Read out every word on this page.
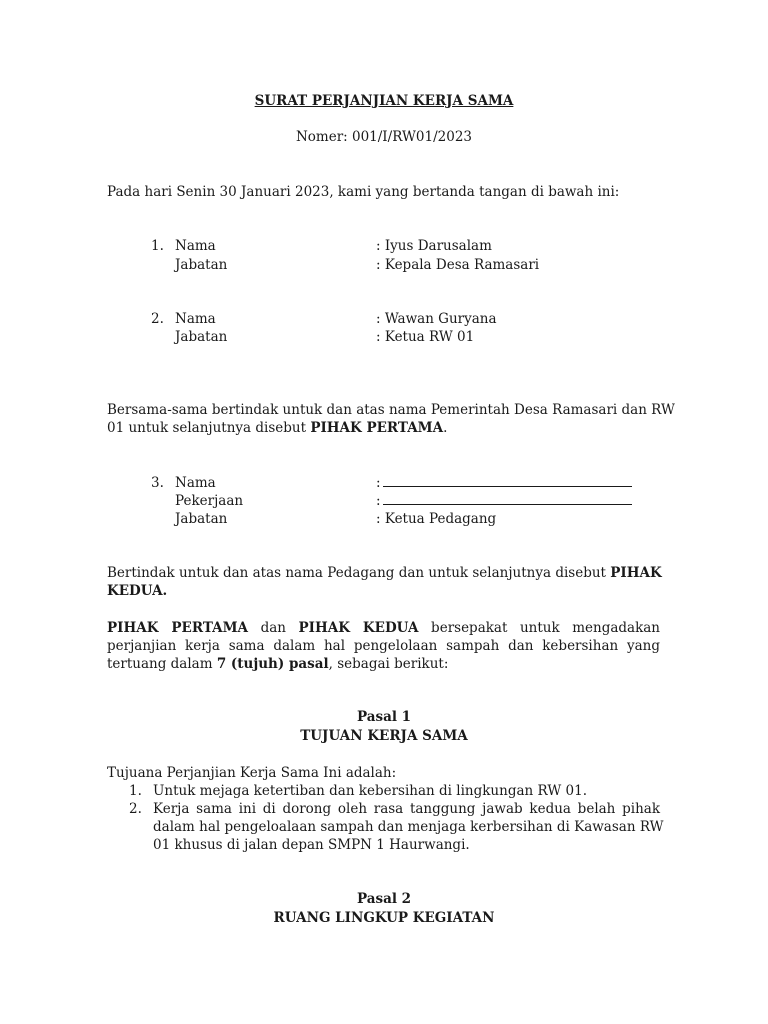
SURAT PERJANJIAN KERJA SAMA
Nomer: 001/I/RW01/2023
Pada hari Senin 30 Januari 2023, kami yang bertanda tangan di bawah ini:
1. Nama	: Iyus Darusalam
Jabatan	: Kepala Desa Ramasari
2. Nama	: Wawan Guryana
Jabatan	: Ketua RW 01
Bersama-sama bertindak untuk dan atas nama Pemerintah Desa Ramasari dan RW
01 untuk selanjutnya disebut PIHAK PERTAMA.
3. Nama	:
Pekerjaan	:
Jabatan	: Ketua Pedagang
Bertindak untuk dan atas nama Pedagang dan untuk selanjutnya disebut PIHAK
KEDUA.
PIHAK PERTAMA dan PIHAK KEDUA bersepakat untuk mengadakan
perjanjian kerja sama dalam hal pengelolaan sampah dan kebersihan yang
tertuang dalam 7 (tujuh) pasal, sebagai berikut:
Pasal 1
TUJUAN KERJA SAMA
Tujuana Perjanjian Kerja Sama Ini adalah:
1. Untuk mejaga ketertiban dan kebersihan di lingkungan RW 01.
2. Kerja sama ini di dorong oleh rasa tanggung jawab kedua belah pihak
dalam hal pengeloalaan sampah dan menjaga kerbersihan di Kawasan RW
01 khusus di jalan depan SMPN 1 Haurwangi.
Pasal 2
RUANG LINGKUP KEGIATAN
